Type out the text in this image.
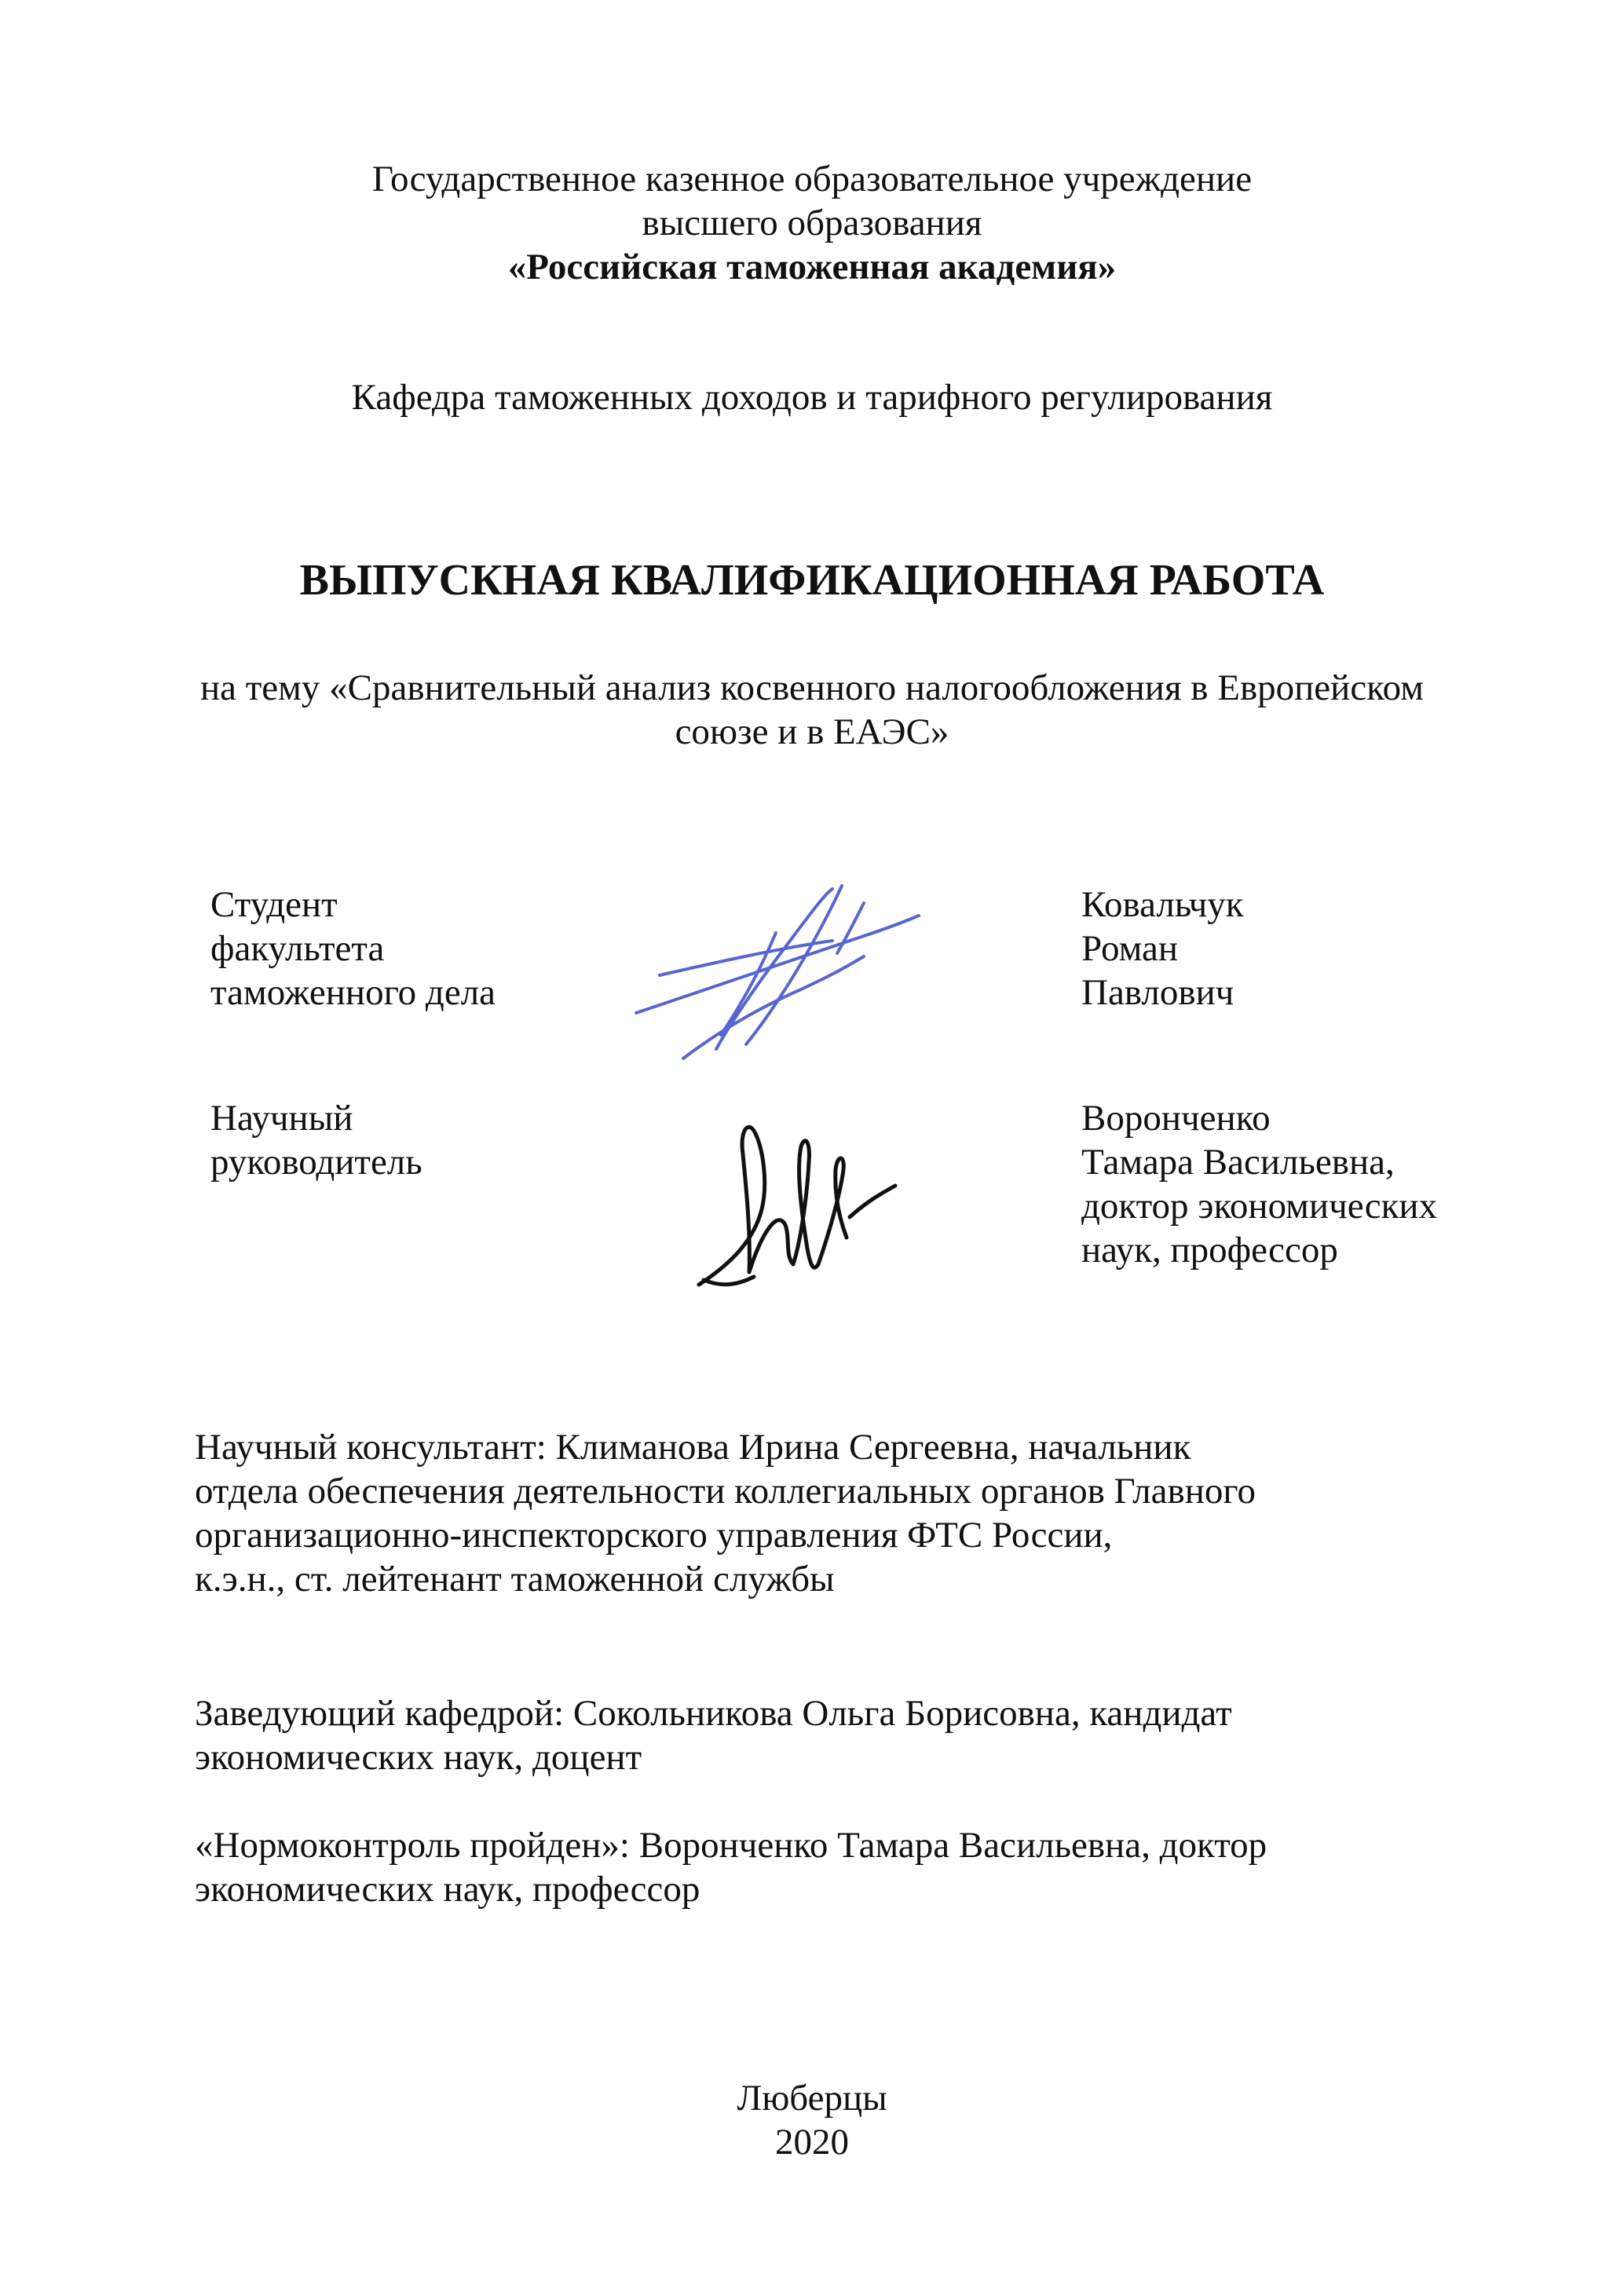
Государственное казенное образовательное учреждение
высшего образования
«Российская таможенная академия»
Кафедра таможенных доходов и тарифного регулирования
ВЫПУСКНАЯ КВАЛИФИКАЦИОННАЯ РАБОТА
на тему «Сравнительный анализ косвенного налогообложения в Европейском
союзе и в ЕАЭС»
Студент
факультета
таможенного дела
Ковальчук
Роман
Павлович
Научный
руководитель
Воронченко
Тамара Васильевна,
доктор экономических
наук, профессор
Научный консультант: Климанова Ирина Сергеевна, начальник
отдела обеспечения деятельности коллегиальных органов Главного
организационно-инспекторского управления ФТС России,
к.э.н., ст. лейтенант таможенной службы
Заведующий кафедрой: Сокольникова Ольга Борисовна, кандидат
экономических наук, доцент
«Нормоконтроль пройден»: Воронченко Тамара Васильевна, доктор
экономических наук, профессор
Люберцы
2020
